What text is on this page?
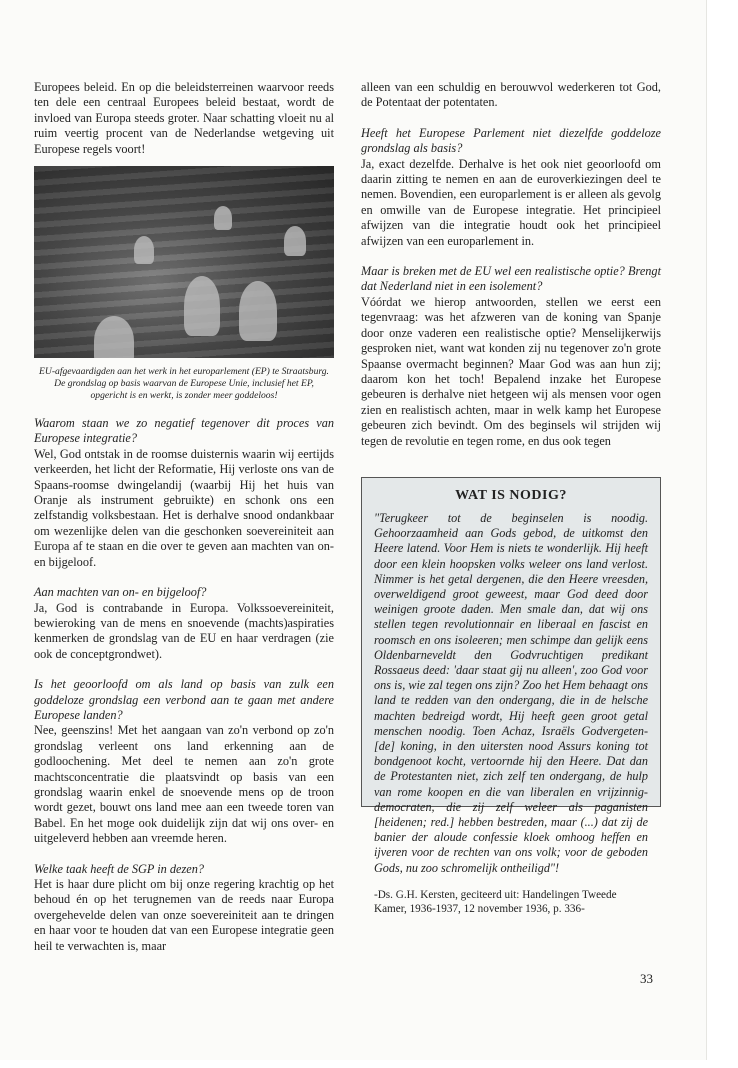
Europees beleid. En op die beleidsterreinen waarvoor reeds ten dele een centraal Europees beleid bestaat, wordt de invloed van Europa steeds groter. Naar schatting vloeit nu al ruim veertig procent van de Nederlandse wetgeving uit Europese regels voort!

EU-afgevaardigden aan het werk in het europarlement (EP) te Straatsburg. De grondslag op basis waarvan de Europese Unie, inclusief het EP, opgericht is en werkt, is zonder meer goddeloos!

Waarom staan we zo negatief tegenover dit proces van Europese integratie?

Wel, God ontstak in de roomse duisternis waarin wij eertijds verkeerden, het licht der Reformatie, Hij verloste ons van de Spaans-roomse dwingelandij (waarbij Hij het huis van Oranje als instrument gebruikte) en schonk ons een zelfstandig volksbestaan. Het is derhalve snood ondankbaar om wezenlijke delen van die geschonken soevereiniteit aan Europa af te staan en die over te geven aan machten van on- en bijgeloof.

Aan machten van on- en bijgeloof?

Ja, God is contrabande in Europa. Volkssoevereiniteit, bewieroking van de mens en snoevende (machts)aspiraties kenmerken de grondslag van de EU en haar verdragen (zie ook de conceptgrondwet).

Is het geoorloofd om als land op basis van zulk een goddeloze grondslag een verbond aan te gaan met andere Europese landen?

Nee, geenszins! Met het aangaan van zo'n verbond op zo'n grondslag verleent ons land erkenning aan de godloochening. Met deel te nemen aan zo'n grote machtsconcentratie die plaatsvindt op basis van een grondslag waarin enkel de snoevende mens op de troon wordt gezet, bouwt ons land mee aan een tweede toren van Babel. En het moge ook duidelijk zijn dat wij ons over- en uitgeleverd hebben aan vreemde heren.

Welke taak heeft de SGP in dezen?

Het is haar dure plicht om bij onze regering krachtig op het behoud én op het terugnemen van de reeds naar Europa overgeheveldе delen van onze soevereiniteit aan te dringen en haar voor te houden dat van een Europese integratie geen heil te verwachten is, maar

alleen van een schuldig en berouwvol wederkeren tot God, de Potentaat der potentaten.

Heeft het Europese Parlement niet diezelfde goddeloze grondslag als basis?

Ja, exact dezelfde. Derhalve is het ook niet geoorloofd om daarin zitting te nemen en aan de euroverkiezingen deel te nemen. Bovendien, een europarlement is er alleen als gevolg en omwille van de Europese integratie. Het principieel afwijzen van die integratie houdt ook het principieel afwijzen van een europarlement in.

Maar is breken met de EU wel een realistische optie? Brengt dat Nederland niet in een isolement?

Vóórdat we hierop antwoorden, stellen we eerst een tegenvraag: was het afzweren van de koning van Spanje door onze vaderen een realistische optie? Menselijkerwijs gesproken niet, want wat konden zij nu tegenover zo'n grote Spaanse overmacht beginnen? Maar God was aan hun zij; daarom kon het toch! Bepalend inzake het Europese gebeuren is derhalve niet hetgeen wij als mensen voor ogen zien en realistisch achten, maar in welk kamp het Europese gebeuren zich bevindt. Om des beginsels wil strijden wij tegen de revolutie en tegen rome, en dus ook tegen

WAT IS NODIG?

"Terugkeer tot de beginselen is noodig. Gehoorzaamheid aan Gods gebod, de uitkomst den Heere latend. Voor Hem is niets te wonderlijk. Hij heeft door een klein hoopsken volks weleer ons land verlost. Nimmer is het getal dergenen, die den Heere vreesden, overweldigend groot geweest, maar God deed door weinigen groote daden. Men smale dan, dat wij ons stellen tegen revolutionnair en liberaal en fascist en roomsch en ons isoleeren; men schimpe dan gelijk eens Oldenbarneveldt den Godvruchtigen predikant Rossaeus deed: 'daar staat gij nu alleen', zoo God voor ons is, wie zal tegen ons zijn? Zoo het Hem behaagt ons land te redden van den ondergang, die in de helsche machten bedreigd wordt, Hij heeft geen groot getal menschen noodig. Toen Achaz, Israëls Godvergeten-[de] koning, in den uitersten nood Assurs koning tot bondgenoot kocht, vertoornde hij den Heere. Dat dan de Protestanten niet, zich zelf ten ondergang, de hulp van rome koopen en die van liberalen en vrijzinnig-democraten, die zij zelf weleer als paganisten [heidenen; red.] hebben bestreden, maar (...) dat zij de banier der aloude confessie kloek omhoog heffen en ijveren voor de rechten van ons volk; voor de geboden Gods, nu zoo schromelijk ontheiligd"!

-Ds. G.H. Kersten, geciteerd uit: Handelingen Tweede Kamer, 1936-1937, 12 november 1936, p. 336-

33
